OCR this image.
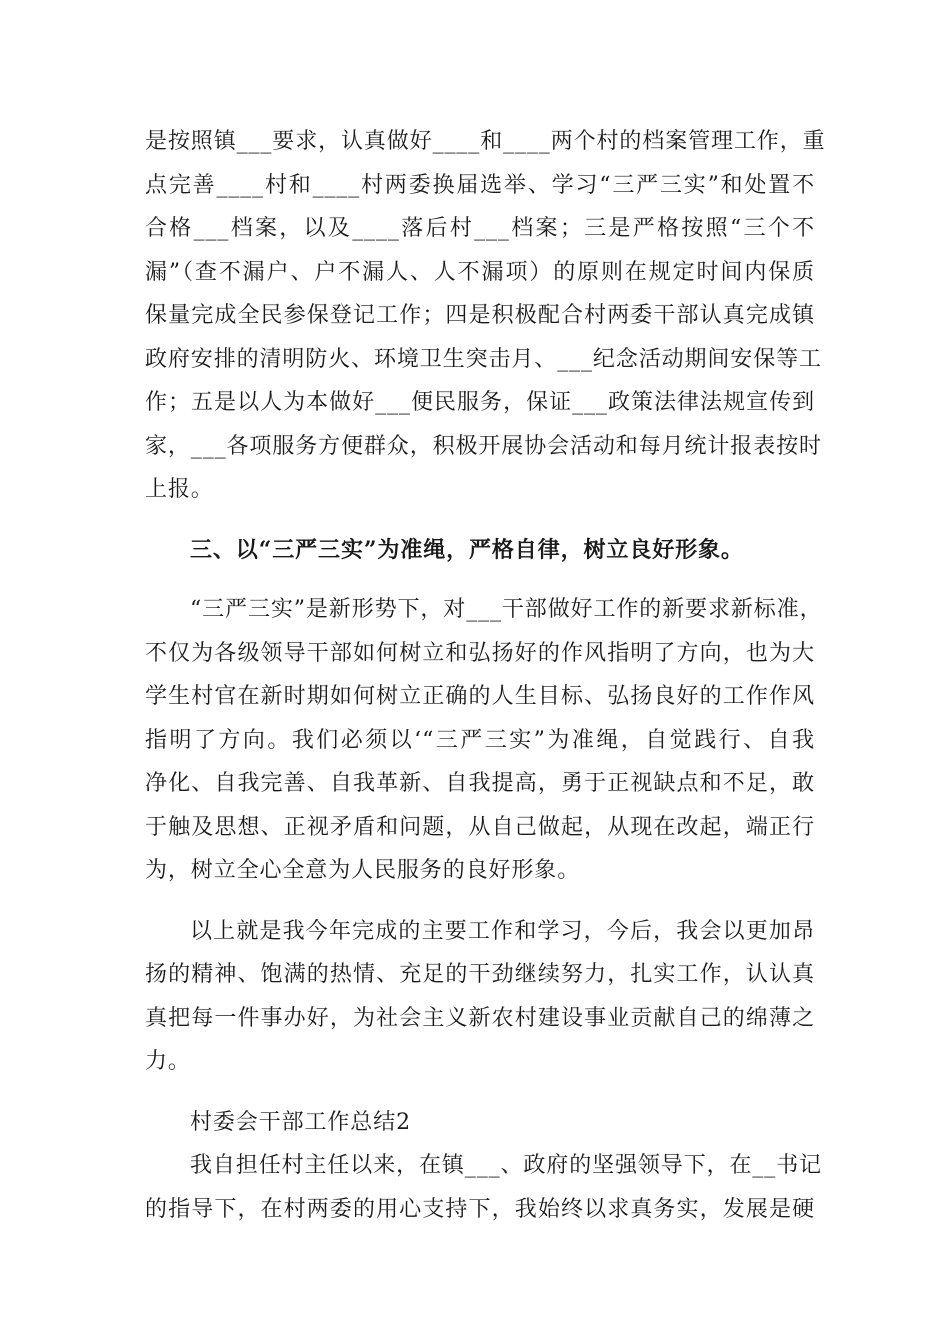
是按照镇___要求，认真做好____和____两个村的档案管理工作，重
点完善____村和____村两委换届选举、学习“三严三实”和处置不
合格___档案，以及____落后村___档案；三是严格按照“三个不
漏”（查不漏户、户不漏人、人不漏项）的原则在规定时间内保质
保量完成全民参保登记工作；四是积极配合村两委干部认真完成镇
政府安排的清明防火、环境卫生突击月、___纪念活动期间安保等工
作；五是以人为本做好___便民服务，保证___政策法律法规宣传到
家，___各项服务方便群众，积极开展协会活动和每月统计报表按时
上报。
三、以“三严三实”为准绳，严格自律，树立良好形象。
“三严三实”是新形势下，对___干部做好工作的新要求新标准，
不仅为各级领导干部如何树立和弘扬好的作风指明了方向，也为大
学生村官在新时期如何树立正确的人生目标、弘扬良好的工作作风
指明了方向。我们必须以‘“三严三实”为准绳，自觉践行、自我
净化、自我完善、自我革新、自我提高，勇于正视缺点和不足，敢
于触及思想、正视矛盾和问题，从自己做起，从现在改起，端正行
为，树立全心全意为人民服务的良好形象。
以上就是我今年完成的主要工作和学习，今后，我会以更加昂
扬的精神、饱满的热情、充足的干劲继续努力，扎实工作，认认真
真把每一件事办好，为社会主义新农村建设事业贡献自己的绵薄之
力。
村委会干部工作总结2
我自担任村主任以来，在镇___、政府的坚强领导下，在__书记
的指导下，在村两委的用心支持下，我始终以求真务实，发展是硬
